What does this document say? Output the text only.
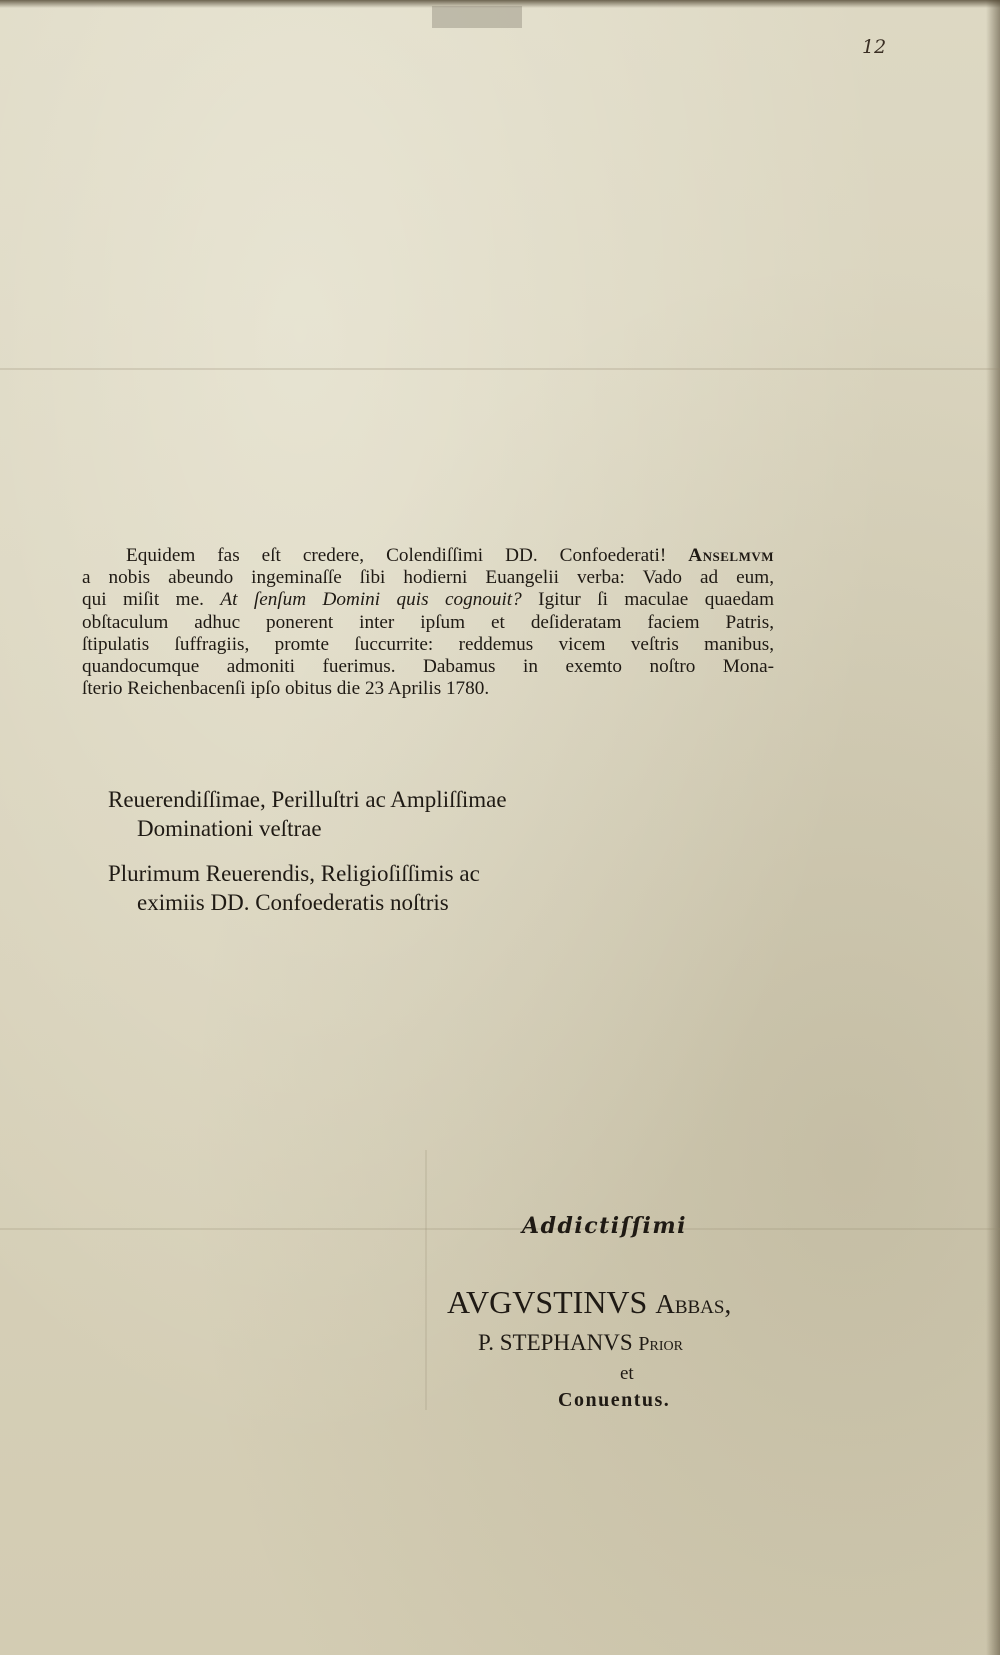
12
Equidem fas eſt credere, Colendiſſimi DD. Confoederati! Anselmvm
a nobis abeundo ingeminaſſe ſibi hodierni Euangelii verba: Vado ad eum,
qui miſit me. At ſenſum Domini quis cognouit? Igitur ſi maculae quaedam
obſtaculum adhuc ponerent inter ipſum et deſideratam faciem Patris,
ſtipulatis ſuffragiis, promte ſuccurrite: reddemus vicem veſtris manibus,
quandocumque admoniti fuerimus. Dabamus in exemto noſtro Mona-
ſterio Reichenbacenſi ipſo obitus die 23 Aprilis 1780.

Reuerendiſſimae, Perilluſtri ac Ampliſſimae

Dominationi veſtrae

Plurimum Reuerendis, Religioſiſſimis ac

eximiis DD. Confoederatis noſtris

Addictiſſimi

AVGVSTINVS Abbas,

P. STEPHANVS Prior

et

Conuentus.
